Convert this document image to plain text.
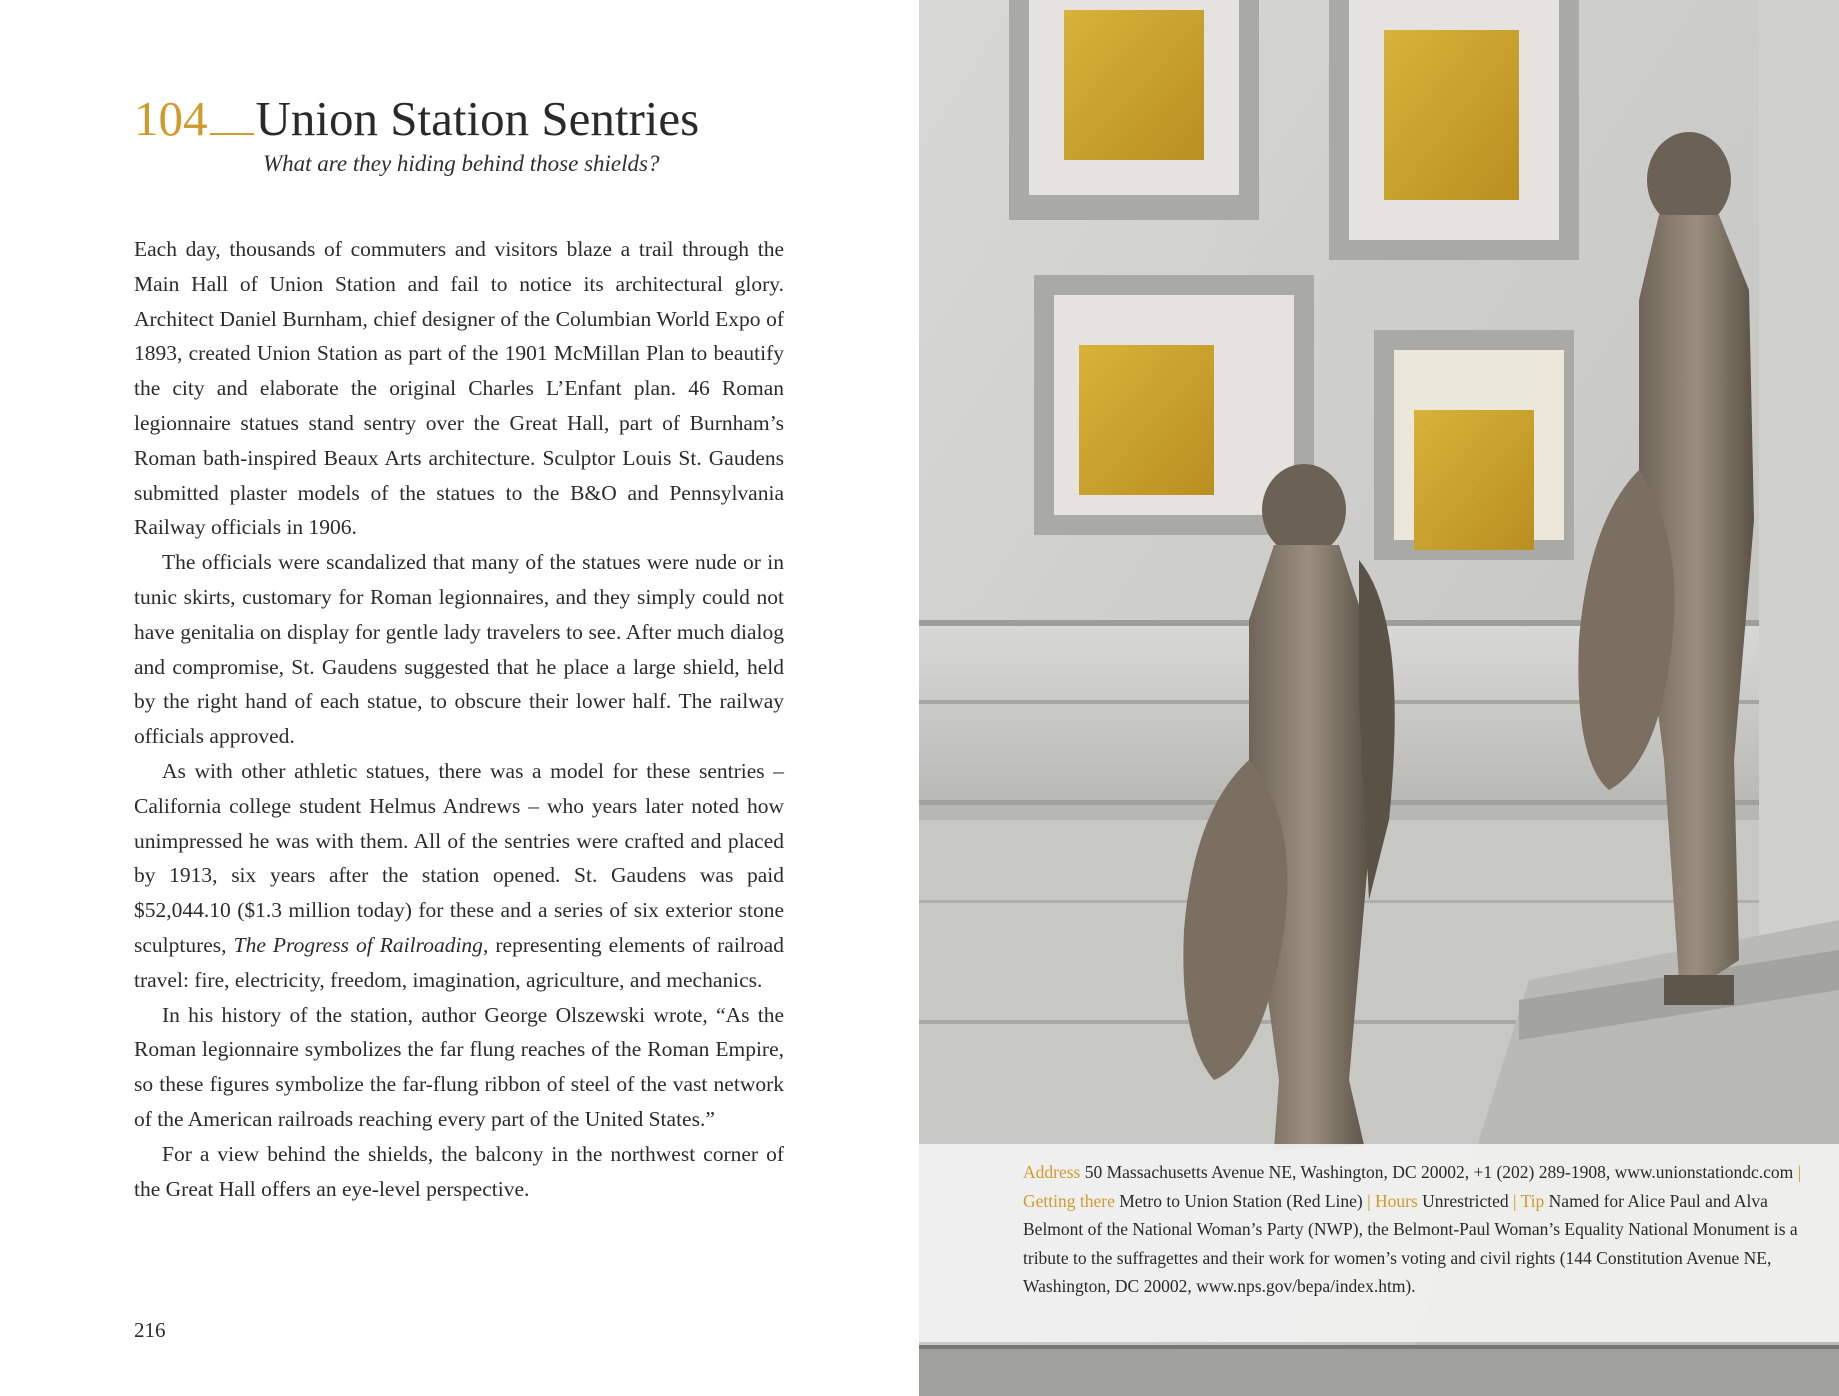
104 Union Station Sentries
What are they hiding behind those shields?

Each day, thousands of commuters and visitors blaze a trail through the Main Hall of Union Station and fail to notice its architectural glory. Architect Daniel Burnham, chief designer of the Columbian World Expo of 1893, created Union Station as part of the 1901 McMillan Plan to beautify the city and elaborate the original Charles L’Enfant plan. 46 Roman legionnaire statues stand sentry over the Great Hall, part of Burnham’s Roman bath-inspired Beaux Arts architecture. Sculptor Louis St. Gaudens submitted plaster models of the statues to the B&O and Pennsylvania Railway officials in 1906.

The officials were scandalized that many of the statues were nude or in tunic skirts, customary for Roman legionnaires, and they simply could not have genitalia on display for gentle lady travelers to see. After much dialog and compromise, St. Gaudens suggested that he place a large shield, held by the right hand of each statue, to obscure their lower half. The railway officials approved.

As with other athletic statues, there was a model for these sentries – California college student Helmus Andrews – who years later noted how unimpressed he was with them. All of the sentries were crafted and placed by 1913, six years after the station opened. St. Gaudens was paid $52,044.10 ($1.3 million today) for these and a series of six exterior stone sculptures, The Progress of Railroading, representing elements of railroad travel: fire, electricity, freedom, imagination, agriculture, and mechanics.

In his history of the station, author George Olszewski wrote, “As the Roman legionnaire symbolizes the far flung reaches of the Roman Empire, so these figures symbolize the far-flung ribbon of steel of the vast network of the American railroads reaching every part of the United States.”

For a view behind the shields, the balcony in the northwest corner of the Great Hall offers an eye-level perspective.

216
Address 50 Massachusetts Avenue NE, Washington, DC 20002, +1 (202) 289-1908, www.unionstationdc.com | Getting there Metro to Union Station (Red Line) | Hours Unrestricted | Tip Named for Alice Paul and Alva Belmont of the National Woman’s Party (NWP), the Belmont-Paul Woman’s Equality National Monument is a tribute to the suffragettes and their work for women’s voting and civil rights (144 Constitution Avenue NE, Washington, DC 20002, www.nps.gov/bepa/index.htm).
